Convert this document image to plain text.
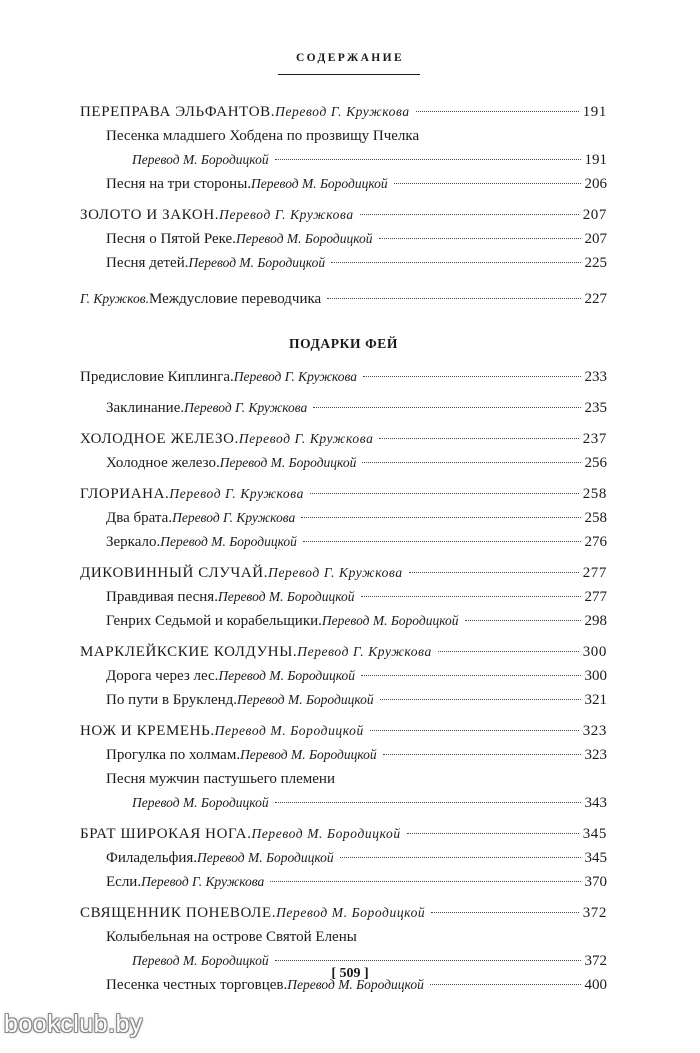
СОДЕРЖАНИЕ
ПЕРЕПРАВА ЭЛЬФАНТОВ. Перевод Г. Кружкова	191
Песенка младшего Хобдена по прозвищу Пчелка
Перевод М. Бородицкой	191
Песня на три стороны. Перевод М. Бородицкой	206
ЗОЛОТО И ЗАКОН. Перевод Г. Кружкова	207
Песня о Пятой Реке. Перевод М. Бородицкой	207
Песня детей. Перевод М. Бородицкой	225
Г. Кружков. Междусловие переводчика	227
ПОДАРКИ ФЕЙ
Предисловие Киплинга. Перевод Г. Кружкова	233
Заклинание. Перевод Г. Кружкова	235
ХОЛОДНОЕ ЖЕЛЕЗО. Перевод Г. Кружкова	237
Холодное железо. Перевод М. Бородицкой	256
ГЛОРИАНА. Перевод Г. Кружкова	258
Два брата. Перевод Г. Кружкова	258
Зеркало. Перевод М. Бородицкой	276
ДИКОВИННЫЙ СЛУЧАЙ. Перевод Г. Кружкова	277
Правдивая песня. Перевод М. Бородицкой	277
Генрих Седьмой и корабельщики. Перевод М. Бородицкой	298
МАРКЛЕЙКСКИЕ КОЛДУНЫ. Перевод Г. Кружкова	300
Дорога через лес. Перевод М. Бородицкой	300
По пути в Брукленд. Перевод М. Бородицкой	321
НОЖ И КРЕМЕНЬ. Перевод М. Бородицкой	323
Прогулка по холмам. Перевод М. Бородицкой	323
Песня мужчин пастушьего племени
Перевод М. Бородицкой	343
БРАТ ШИРОКАЯ НОГА. Перевод М. Бородицкой	345
Филадельфия. Перевод М. Бородицкой	345
Если. Перевод Г. Кружкова	370
СВЯЩЕННИК ПОНЕВОЛЕ. Перевод М. Бородицкой	372
Колыбельная на острове Святой Елены
Перевод М. Бородицкой	372
Песенка честных торговцев. Перевод М. Бородицкой	400
[ 509 ]
bookclub.by
